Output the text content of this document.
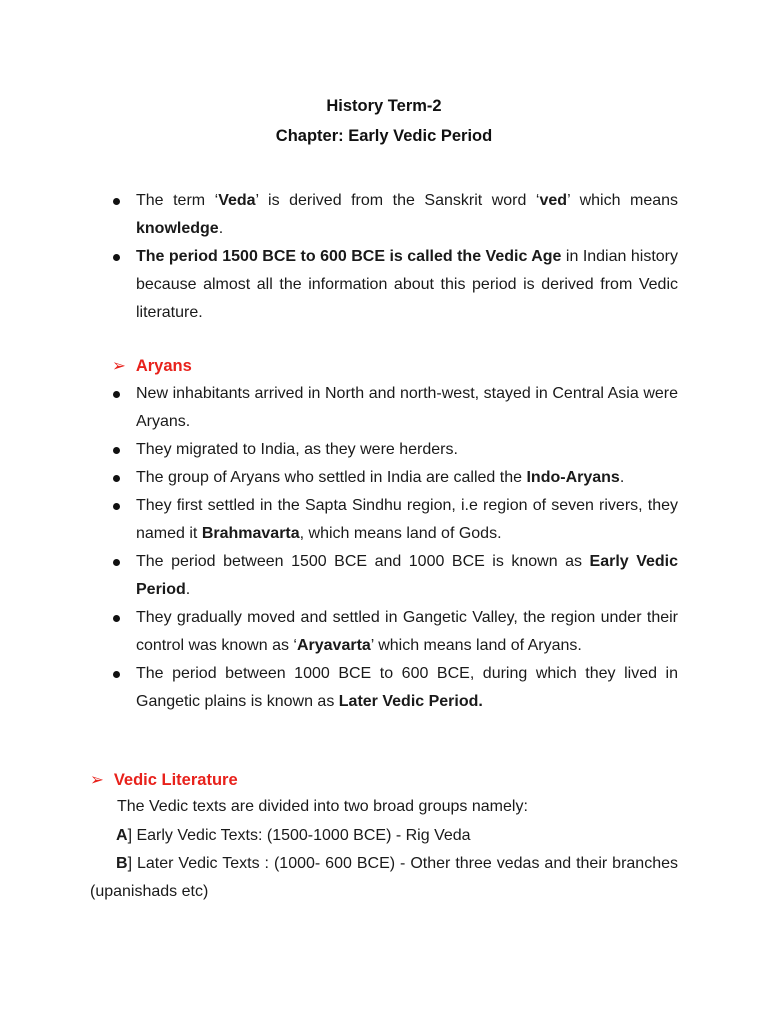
History Term-2
Chapter: Early Vedic Period
The term ‘Veda’ is derived from the Sanskrit word ‘ved’ which means knowledge.
The period 1500 BCE to 600 BCE is called the Vedic Age in Indian history because almost all the information about this period is derived from Vedic literature.
➢ Aryans
New inhabitants arrived in North and north-west, stayed in Central Asia were Aryans.
They migrated to India, as they were herders.
The group of Aryans who settled in India are called the Indo-Aryans.
They first settled in the Sapta Sindhu region, i.e region of seven rivers, they named it Brahmavarta, which means land of Gods.
The period between 1500 BCE and 1000 BCE is known as Early Vedic Period.
They gradually moved and settled in Gangetic Valley, the region under their control was known as ‘Aryavarta’ which means land of Aryans.
The period between 1000 BCE to 600 BCE, during which they lived in Gangetic plains is known as Later Vedic Period.
➢ Vedic Literature
The Vedic texts are divided into two broad groups namely:
A] Early Vedic Texts: (1500-1000 BCE) - Rig Veda
B] Later Vedic Texts : (1000- 600 BCE) - Other three vedas and their branches (upanishads etc)
